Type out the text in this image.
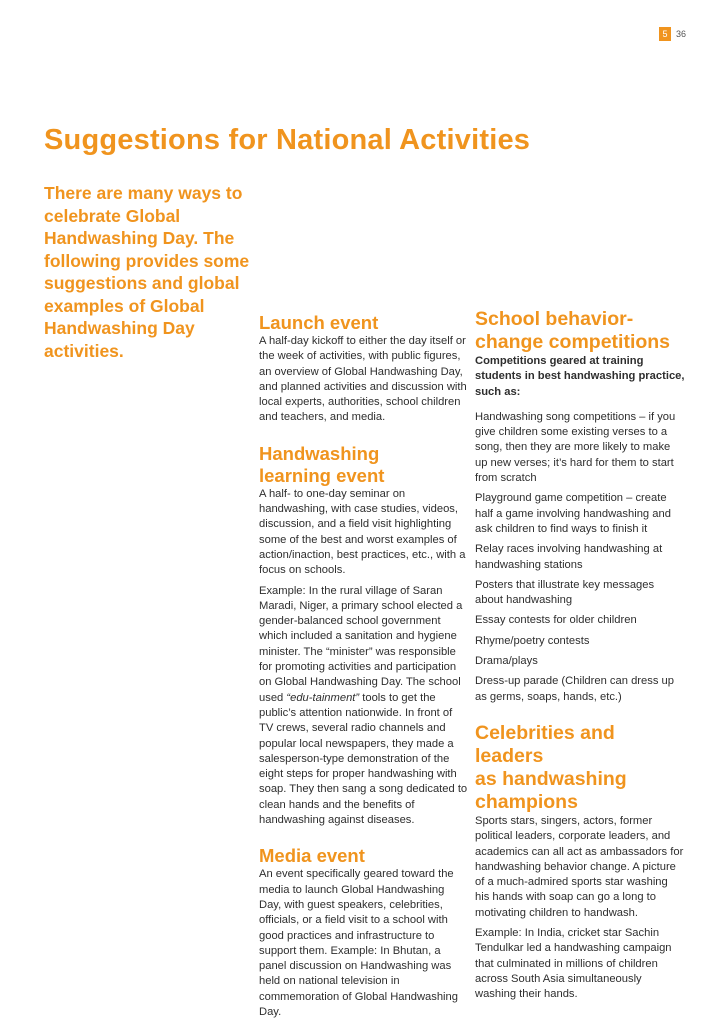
5 36
Suggestions for National Activities

There are many ways to celebrate Global Handwashing Day. The following provides some suggestions and global examples of Global Handwashing Day activities.

Launch event

A half-day kickoff to either the day itself or the week of activities, with public figures, an overview of Global Handwashing Day, and planned activities and discussion with local experts, authorities, school children and teachers, and media.

Handwashing
learning event

A half- to one-day seminar on handwashing, with case studies, videos, discussion, and a field visit highlighting some of the best and worst examples of action/inaction, best practices, etc., with a focus on schools.

Example: In the rural village of Saran Maradi, Niger, a primary school elected a gender-balanced school government which included a sanitation and hygiene minister. The “minister” was responsible for promoting activities and participation on Global Handwashing Day. The school used “edu-tainment” tools to get the public’s attention nationwide. In front of TV crews, several radio channels and popular local newspapers, they made a salesperson-type demonstration of the eight steps for proper handwashing with soap. They then sang a song dedicated to clean hands and the benefits of handwashing against diseases.

Media event

An event specifically geared toward the media to launch Global Handwashing Day, with guest speakers, celebrities, officials, or a field visit to a school with good practices and infrastructure to support them. Example: In Bhutan, a panel discussion on Handwashing was held on national television in commemoration of Global Handwashing Day.

School behavior-
change competitions

Competitions geared at training students in best handwashing practice, such as:

Handwashing song competitions – if you give children some existing verses to a song, then they are more likely to make up new verses; it’s hard for them to start from scratch

Playground game competition – create half a game involving handwashing and ask children to find ways to finish it

Relay races involving handwashing at handwashing stations

Posters that illustrate key messages about handwashing

Essay contests for older children

Rhyme/poetry contests

Drama/plays

Dress-up parade (Children can dress up as germs, soaps, hands, etc.)

Celebrities and leaders
as handwashing
champions

Sports stars, singers, actors, former political leaders, corporate leaders, and academics can all act as ambassadors for handwashing behavior change. A picture of a much-admired sports star washing his hands with soap can go a long to motivating children to handwash.

Example: In India, cricket star Sachin Tendulkar led a handwashing campaign that culminated in millions of children across South Asia simultaneously washing their hands.
